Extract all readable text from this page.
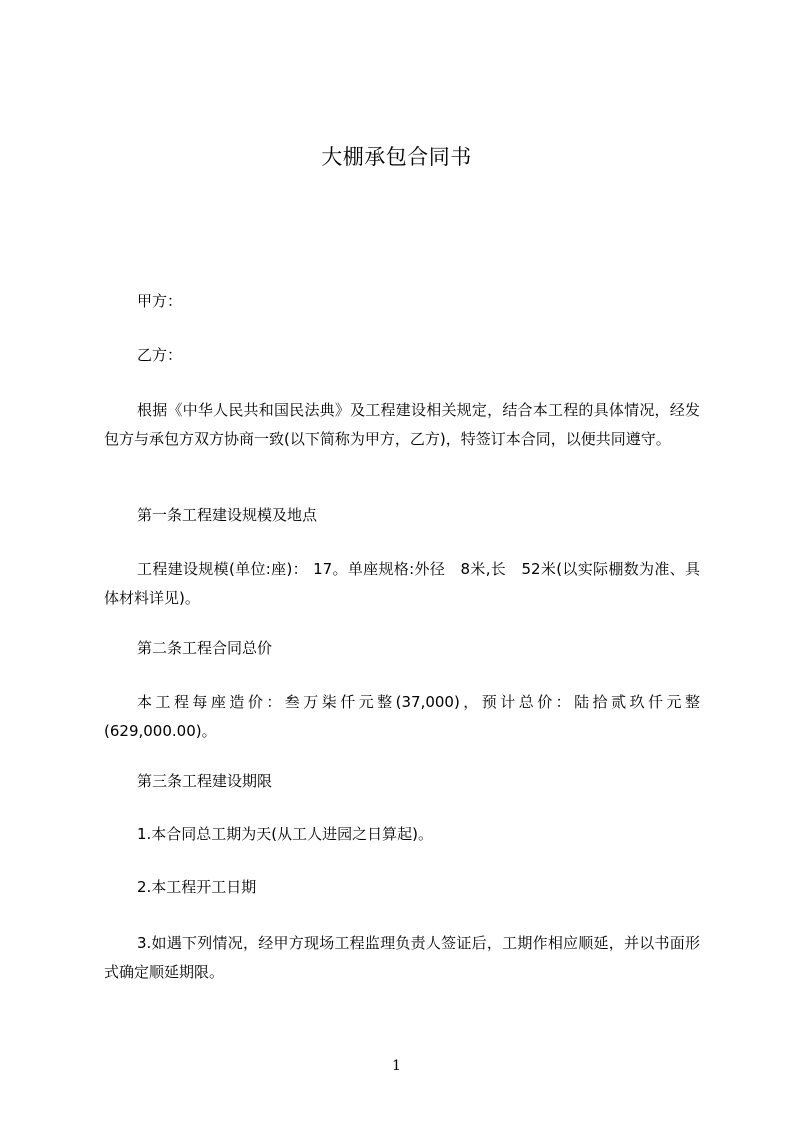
大棚承包合同书
甲方：
乙方：
根据《中华人民共和国民法典》及工程建设相关规定，结合本工程的具体情况，经发包方与承包方双方协商一致(以下简称为甲方，乙方)，特签订本合同，以便共同遵守。
第一条工程建设规模及地点
工程建设规模(单位:座)： 17。单座规格:外径　8米,长　52米(以实际棚数为准、具体材料详见)。
第二条工程合同总价
本工程每座造价：叁万柒仟元整(37,000)，预计总价：陆拾贰玖仟元整(629,000.00)。
第三条工程建设期限
1.本合同总工期为天(从工人进园之日算起)。
2.本工程开工日期
3.如遇下列情况，经甲方现场工程监理负责人签证后，工期作相应顺延，并以书面形式确定顺延期限。
1
